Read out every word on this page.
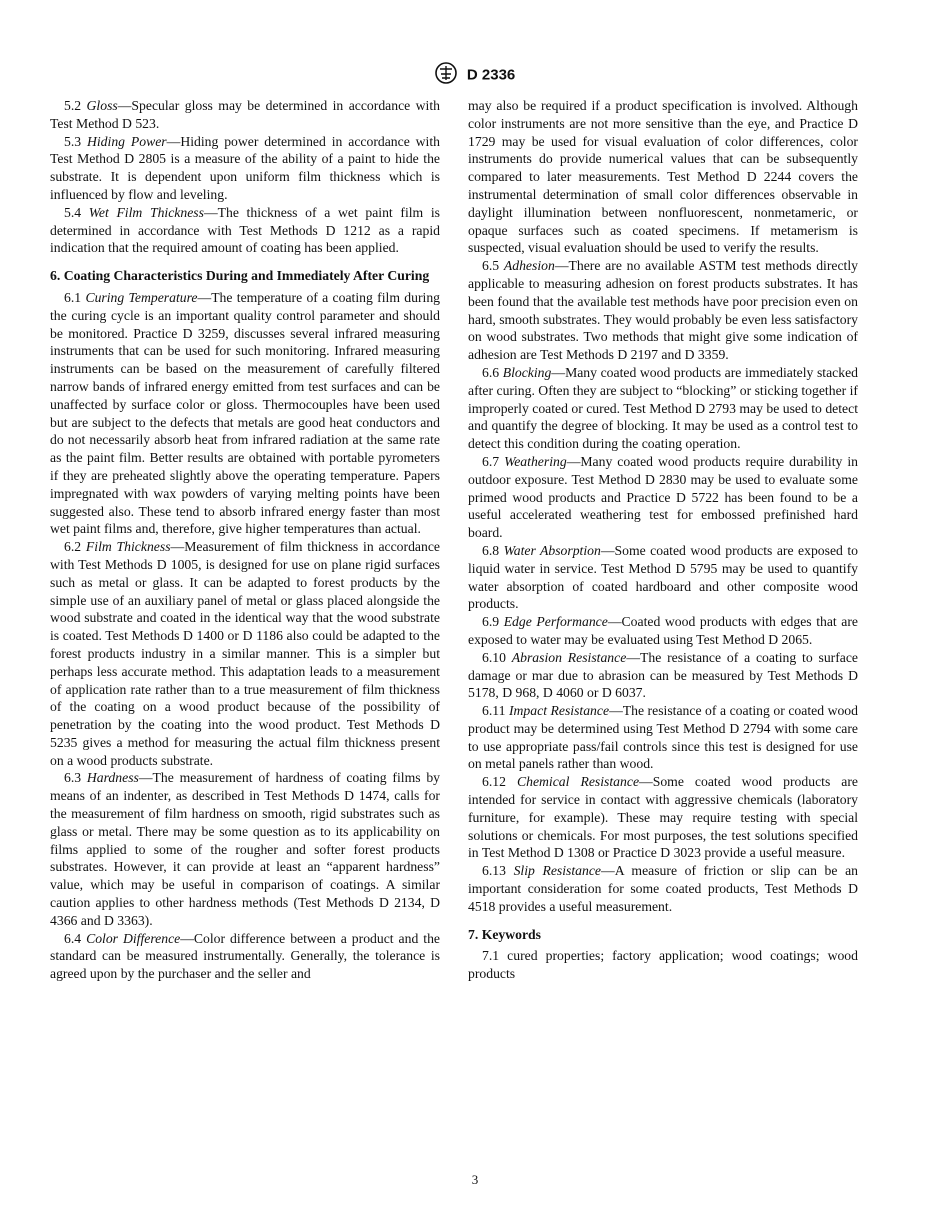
D 2336

5.2 Gloss—Specular gloss may be determined in accordance with Test Method D 523.

5.3 Hiding Power—Hiding power determined in accordance with Test Method D 2805 is a measure of the ability of a paint to hide the substrate. It is dependent upon uniform film thickness which is influenced by flow and leveling.

5.4 Wet Film Thickness—The thickness of a wet paint film is determined in accordance with Test Methods D 1212 as a rapid indication that the required amount of coating has been applied.

6. Coating Characteristics During and Immediately After Curing

6.1 Curing Temperature—The temperature of a coating film during the curing cycle is an important quality control parameter and should be monitored. Practice D 3259, discusses several infrared measuring instruments that can be used for such monitoring. Infrared measuring instruments can be based on the measurement of carefully filtered narrow bands of infrared energy emitted from test surfaces and can be unaffected by surface color or gloss. Thermocouples have been used but are subject to the defects that metals are good heat conductors and do not necessarily absorb heat from infrared radiation at the same rate as the paint film. Better results are obtained with portable pyrometers if they are preheated slightly above the operating temperature. Papers impregnated with wax powders of varying melting points have been suggested also. These tend to absorb infrared energy faster than most wet paint films and, therefore, give higher temperatures than actual.

6.2 Film Thickness—Measurement of film thickness in accordance with Test Methods D 1005, is designed for use on plane rigid surfaces such as metal or glass. It can be adapted to forest products by the simple use of an auxiliary panel of metal or glass placed alongside the wood substrate and coated in the identical way that the wood substrate is coated. Test Methods D 1400 or D 1186 also could be adapted to the forest products industry in a similar manner. This is a simpler but perhaps less accurate method. This adaptation leads to a measurement of application rate rather than to a true measurement of film thickness of the coating on a wood product because of the possibility of penetration by the coating into the wood product. Test Methods D 5235 gives a method for measuring the actual film thickness present on a wood products substrate.

6.3 Hardness—The measurement of hardness of coating films by means of an indenter, as described in Test Methods D 1474, calls for the measurement of film hardness on smooth, rigid substrates such as glass or metal. There may be some question as to its applicability on films applied to some of the rougher and softer forest products substrates. However, it can provide at least an “apparent hardness” value, which may be useful in comparison of coatings. A similar caution applies to other hardness methods (Test Methods D 2134, D 4366 and D 3363).

6.4 Color Difference—Color difference between a product and the standard can be measured instrumentally. Generally, the tolerance is agreed upon by the purchaser and the seller and

may also be required if a product specification is involved. Although color instruments are not more sensitive than the eye, and Practice D 1729 may be used for visual evaluation of color differences, color instruments do provide numerical values that can be subsequently compared to later measurements. Test Method D 2244 covers the instrumental determination of small color differences observable in daylight illumination between nonfluorescent, nonmetameric, or opaque surfaces such as coated specimens. If metamerism is suspected, visual evaluation should be used to verify the results.

6.5 Adhesion—There are no available ASTM test methods directly applicable to measuring adhesion on forest products substrates. It has been found that the available test methods have poor precision even on hard, smooth substrates. They would probably be even less satisfactory on wood substrates. Two methods that might give some indication of adhesion are Test Methods D 2197 and D 3359.

6.6 Blocking—Many coated wood products are immediately stacked after curing. Often they are subject to “blocking” or sticking together if improperly coated or cured. Test Method D 2793 may be used to detect and quantify the degree of blocking. It may be used as a control test to detect this condition during the coating operation.

6.7 Weathering—Many coated wood products require durability in outdoor exposure. Test Method D 2830 may be used to evaluate some primed wood products and Practice D 5722 has been found to be a useful accelerated weathering test for embossed prefinished hard board.

6.8 Water Absorption—Some coated wood products are exposed to liquid water in service. Test Method D 5795 may be used to quantify water absorption of coated hardboard and other composite wood products.

6.9 Edge Performance—Coated wood products with edges that are exposed to water may be evaluated using Test Method D 2065.

6.10 Abrasion Resistance—The resistance of a coating to surface damage or mar due to abrasion can be measured by Test Methods D 5178, D 968, D 4060 or D 6037.

6.11 Impact Resistance—The resistance of a coating or coated wood product may be determined using Test Method D 2794 with some care to use appropriate pass/fail controls since this test is designed for use on metal panels rather than wood.

6.12 Chemical Resistance—Some coated wood products are intended for service in contact with aggressive chemicals (laboratory furniture, for example). These may require testing with special solutions or chemicals. For most purposes, the test solutions specified in Test Method D 1308 or Practice D 3023 provide a useful measure.

6.13 Slip Resistance—A measure of friction or slip can be an important consideration for some coated products, Test Methods D 4518 provides a useful measurement.

7. Keywords

7.1 cured properties; factory application; wood coatings; wood products

3
